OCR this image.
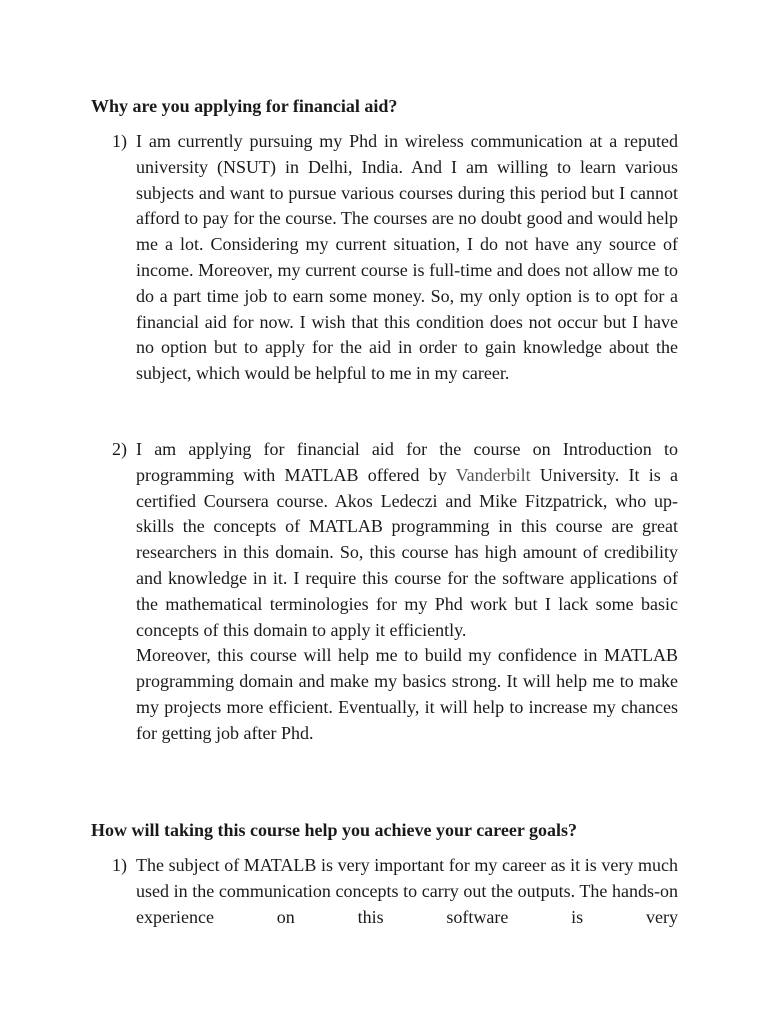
Why are you applying for financial aid?
1) I am currently pursuing my Phd in wireless communication at a reputed university (NSUT) in Delhi, India. And I am willing to learn various subjects and want to pursue various courses during this period but I cannot afford to pay for the course. The courses are no doubt good and would help me a lot. Considering my current situation, I do not have any source of income. Moreover, my current course is full-time and does not allow me to do a part time job to earn some money. So, my only option is to opt for a financial aid for now. I wish that this condition does not occur but I have no option but to apply for the aid in order to gain knowledge about the subject, which would be helpful to me in my career.
2) I am applying for financial aid for the course on Introduction to programming with MATLAB offered by Vanderbilt University. It is a certified Coursera course. Akos Ledeczi and Mike Fitzpatrick, who up-skills the concepts of MATLAB programming in this course are great researchers in this domain. So, this course has high amount of credibility and knowledge in it. I require this course for the software applications of the mathematical terminologies for my Phd work but I lack some basic concepts of this domain to apply it efficiently.
Moreover, this course will help me to build my confidence in MATLAB programming domain and make my basics strong. It will help me to make my projects more efficient. Eventually, it will help to increase my chances for getting job after Phd.
How will taking this course help you achieve your career goals?
1) The subject of MATALB is very important for my career as it is very much used in the communication concepts to carry out the outputs. The hands-on experience on this software is very
